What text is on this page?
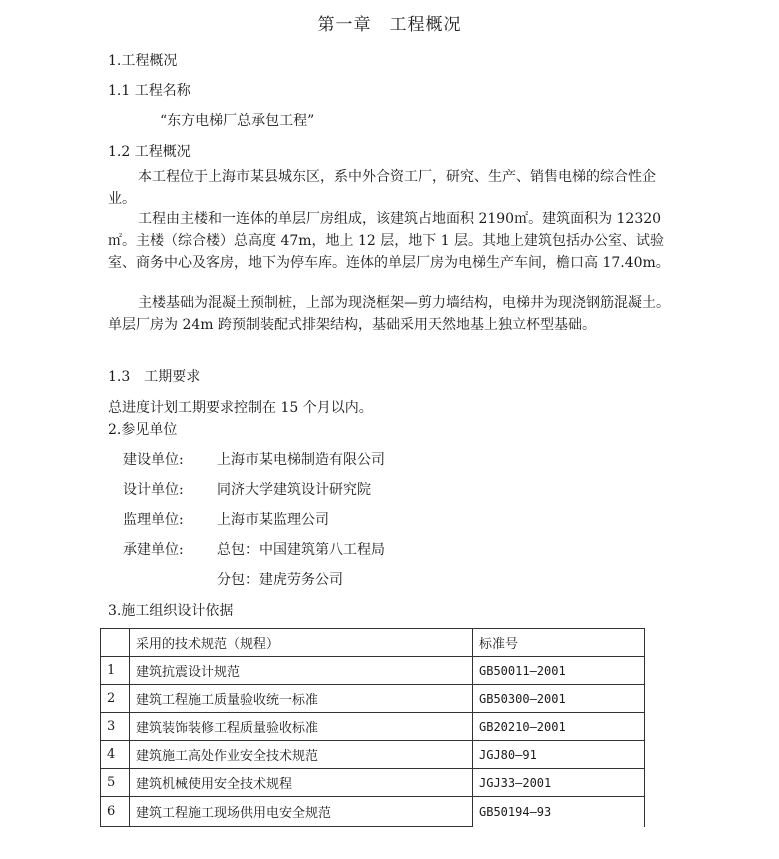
第一章　工程概况
1.工程概况
1.1 工程名称
“东方电梯厂总承包工程”
1.2 工程概况
本工程位于上海市某县城东区，系中外合资工厂，研究、生产、销售电梯的综合性企业。
工程由主楼和一连体的单层厂房组成，该建筑占地面积 2190㎡。建筑面积为 12320㎡。主楼（综合楼）总高度 47m，地上 12 层，地下 1 层。其地上建筑包括办公室、试验室、商务中心及客房，地下为停车库。连体的单层厂房为电梯生产车间，檐口高 17.40m。
主楼基础为混凝土预制桩，上部为现浇框架—剪力墙结构，电梯井为现浇钢筋混凝土。单层厂房为 24m 跨预制装配式排架结构，基础采用天然地基上独立杯型基础。
1.3　工期要求
总进度计划工期要求控制在 15 个月以内。
2.参见单位
建设单位: 上海市某电梯制造有限公司
设计单位: 同济大学建筑设计研究院
监理单位: 上海市某监理公司
承建单位: 总包：中国建筑第八工程局
分包：建虎劳务公司
3.施工组织设计依据
	采用的技术规范（规程）	标准号
1	建筑抗震设计规范	GB50011—2001
2	建筑工程施工质量验收统一标准	GB50300—2001
3	建筑装饰装修工程质量验收标准	GB20210—2001
4	建筑施工高处作业安全技术规范	JGJ80—91
5	建筑机械使用安全技术规程	JGJ33—2001
6	建筑工程施工现场供用电安全规范	GB50194—93
